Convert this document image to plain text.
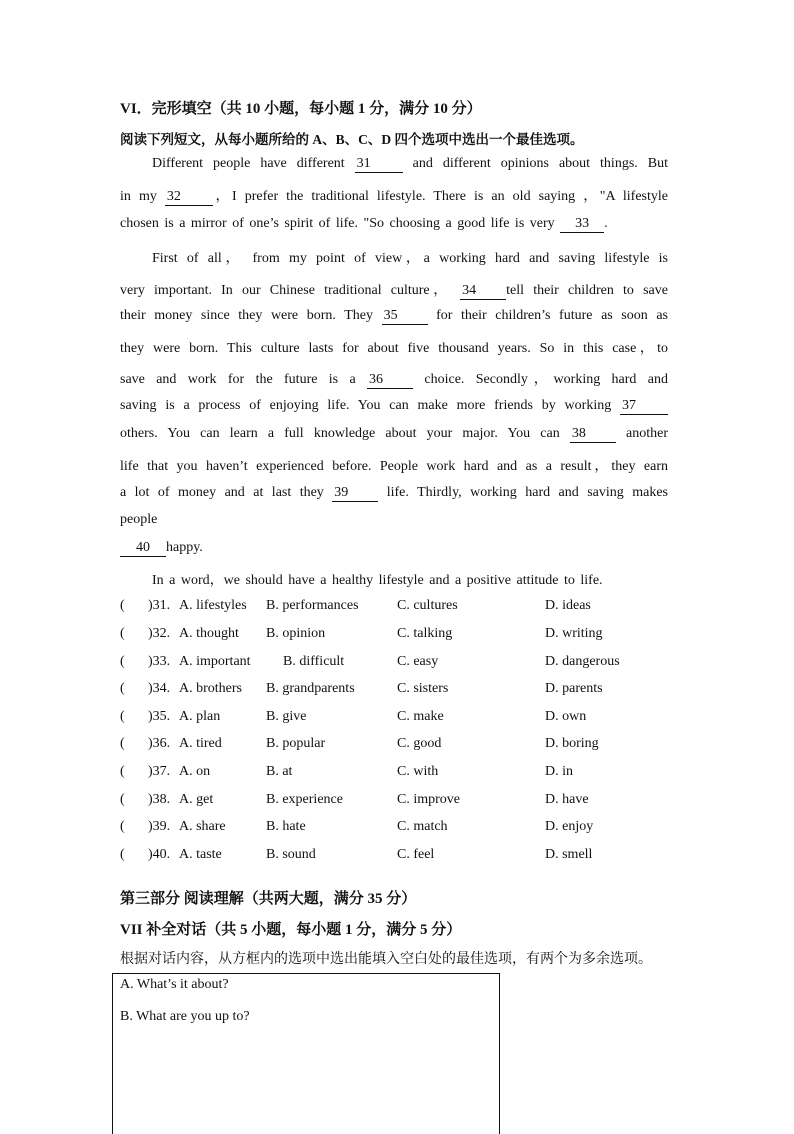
VI．完形填空（共 10 小题，每小题 1 分，满分 10 分）
阅读下列短文，从每小题所给的 A、B、C、D 四个选项中选出一个最佳选项。
Different people have different 31 and different opinions about things. But
in my 32 ，I prefer the traditional lifestyle. There is an old saying ，"A lifestyle
chosen is a mirror of one’s spirit of life. "So choosing a good life is very 33 .
First of all， from my point of view，a working hard and saving lifestyle is
very important. In our Chinese traditional culture， 34 tell their children to save
their money since they were born. They 35 for their children’s future as soon as
they were born. This culture lasts for about five thousand years. So in this case，to
save and work for the future is a 36 choice. Secondly，working hard and
saving is a process of enjoying life. You can make more friends by working 37
others. You can learn a full knowledge about your major. You can 38 another
life that you haven’t experienced before. People work hard and as a result，they earn
a lot of money and at last they 39 life. Thirdly, working hard and saving makes
people
40 happy.
In a word，we should have a healthy lifestyle and a positive attitude to life.
( )31. A. lifestyles B. performances	C. cultures	D. ideas
( )32. A. thought B. opinion	C. talking	D. writing
( )33. A. important B. difficult	C. easy	D. dangerous
( )34. A. brothers B. grandparents	C. sisters	D. parents
( )35. A. plan	B. give	C. make	D. own
( )36. A. tired	B. popular	C. good	D. boring
( )37. A. on	B. at	C. with	D. in
( )38. A. get	B. experience	C. improve	D. have
( )39. A. share	B. hate	C. match	D. enjoy
( )40. A. taste	B. sound	C. feel	D. smell
第三部分 阅读理解（共两大题，满分 35 分）
VII 补全对话（共 5 小题，每小题 1 分，满分 5 分）
根据对话内容，从方框内的选项中选出能填入空白处的最佳选项，有两个为多余选项。
A. What’s it about?
B. What are you up to?
